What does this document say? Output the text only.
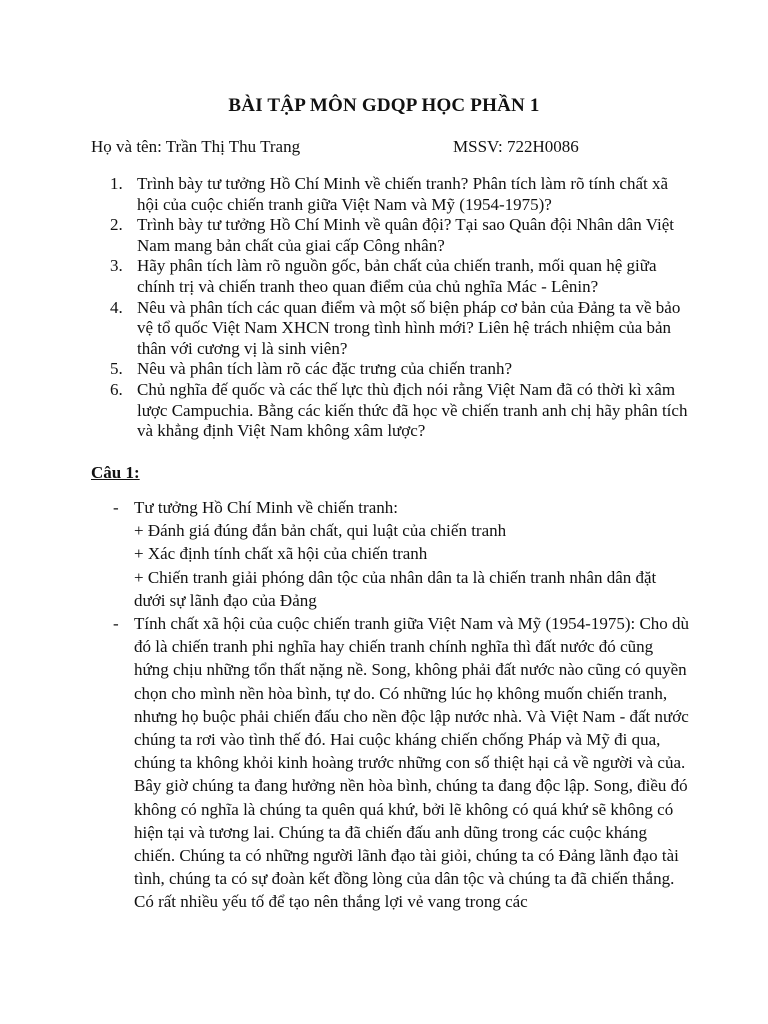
BÀI TẬP MÔN GDQP HỌC PHẦN 1
Họ và tên: Trần Thị Thu Trang	MSSV: 722H0086
1. Trình bày tư tưởng Hồ Chí Minh về chiến tranh? Phân tích làm rõ tính chất xã hội của cuộc chiến tranh giữa Việt Nam và Mỹ (1954-1975)?
2. Trình bày tư tưởng Hồ Chí Minh về quân đội? Tại sao Quân đội Nhân dân Việt Nam mang bản chất của giai cấp Công nhân?
3. Hãy phân tích làm rõ nguồn gốc, bản chất của chiến tranh, mối quan hệ giữa chính trị và chiến tranh theo quan điểm của chủ nghĩa Mác - Lênin?
4. Nêu và phân tích các quan điểm và một số biện pháp cơ bản của Đảng ta về bảo vệ tổ quốc Việt Nam XHCN trong tình hình mới? Liên hệ trách nhiệm của bản thân với cương vị là sinh viên?
5. Nêu và phân tích làm rõ các đặc trưng của chiến tranh?
6. Chủ nghĩa đế quốc và các thế lực thù địch nói rằng Việt Nam đã có thời kì xâm lược Campuchia. Bằng các kiến thức đã học về chiến tranh anh chị hãy phân tích và khẳng định Việt Nam không xâm lược?
Câu 1:
- Tư tưởng Hồ Chí Minh về chiến tranh:
+ Đánh giá đúng đắn bản chất, qui luật của chiến tranh
+ Xác định tính chất xã hội của chiến tranh
+ Chiến tranh giải phóng dân tộc của nhân dân ta là chiến tranh nhân dân đặt dưới sự lãnh đạo của Đảng
- Tính chất xã hội của cuộc chiến tranh giữa Việt Nam và Mỹ (1954-1975): Cho dù đó là chiến tranh phi nghĩa hay chiến tranh chính nghĩa thì đất nước đó cũng hứng chịu những tổn thất nặng nề. Song, không phải đất nước nào cũng có quyền chọn cho mình nền hòa bình, tự do. Có những lúc họ không muốn chiến tranh, nhưng họ buộc phải chiến đấu cho nền độc lập nước nhà. Và Việt Nam - đất nước chúng ta rơi vào tình thế đó. Hai cuộc kháng chiến chống Pháp và Mỹ đi qua, chúng ta không khỏi kinh hoàng trước những con số thiệt hại cả về người và của. Bây giờ chúng ta đang hưởng nền hòa bình, chúng ta đang độc lập. Song, điều đó không có nghĩa là chúng ta quên quá khứ, bởi lẽ không có quá khứ sẽ không có hiện tại và tương lai. Chúng ta đã chiến đấu anh dũng trong các cuộc kháng chiến. Chúng ta có những người lãnh đạo tài giỏi, chúng ta có Đảng lãnh đạo tài tình, chúng ta có sự đoàn kết đồng lòng của dân tộc và chúng ta đã chiến thắng. Có rất nhiều yếu tố để tạo nên thắng lợi vẻ vang trong các
